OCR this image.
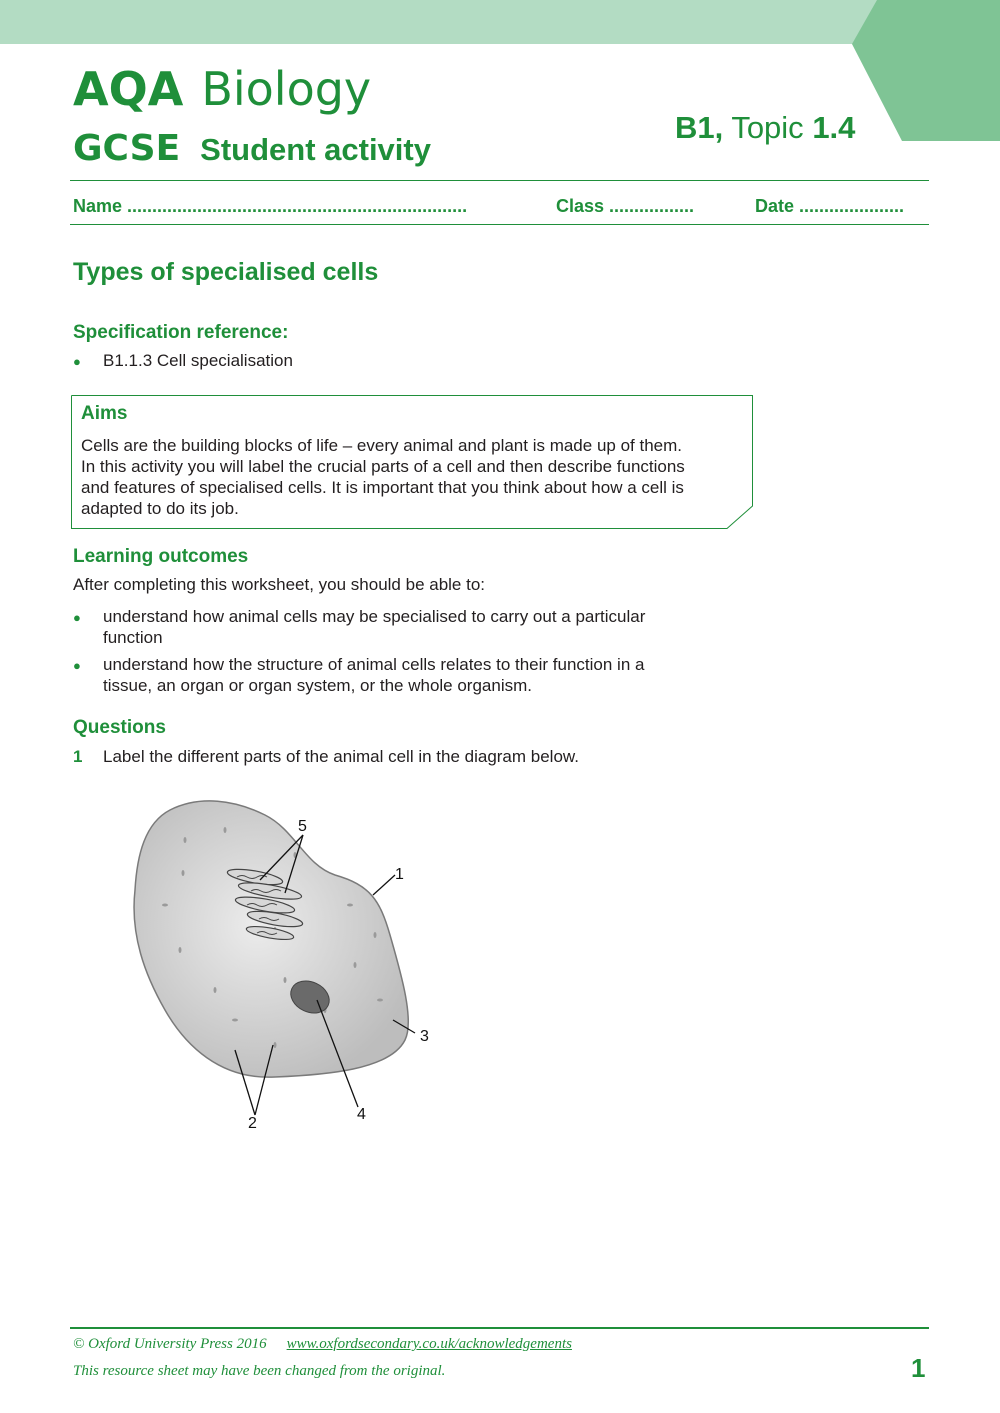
AQA Biology
GCSE Student activity
B1, Topic 1.4
Name ....................................................................	Class .................	Date .....................
Types of specialised cells
Specification reference:
● B1.1.3 Cell specialisation
Aims
Cells are the building blocks of life – every animal and plant is made up of them.
In this activity you will label the crucial parts of a cell and then describe functions
and features of specialised cells. It is important that you think about how a cell is
adapted to do its job.
Learning outcomes
After completing this worksheet, you should be able to:
● understand how animal cells may be specialised to carry out a particular
function
● understand how the structure of animal cells relates to their function in a
tissue, an organ or organ system, or the whole organism.
Questions
1 Label the different parts of the animal cell in the diagram below.
5
1
3
4
2
© Oxford University Press 2016 www.oxfordsecondary.co.uk/acknowledgements
This resource sheet may have been changed from the original.	1
